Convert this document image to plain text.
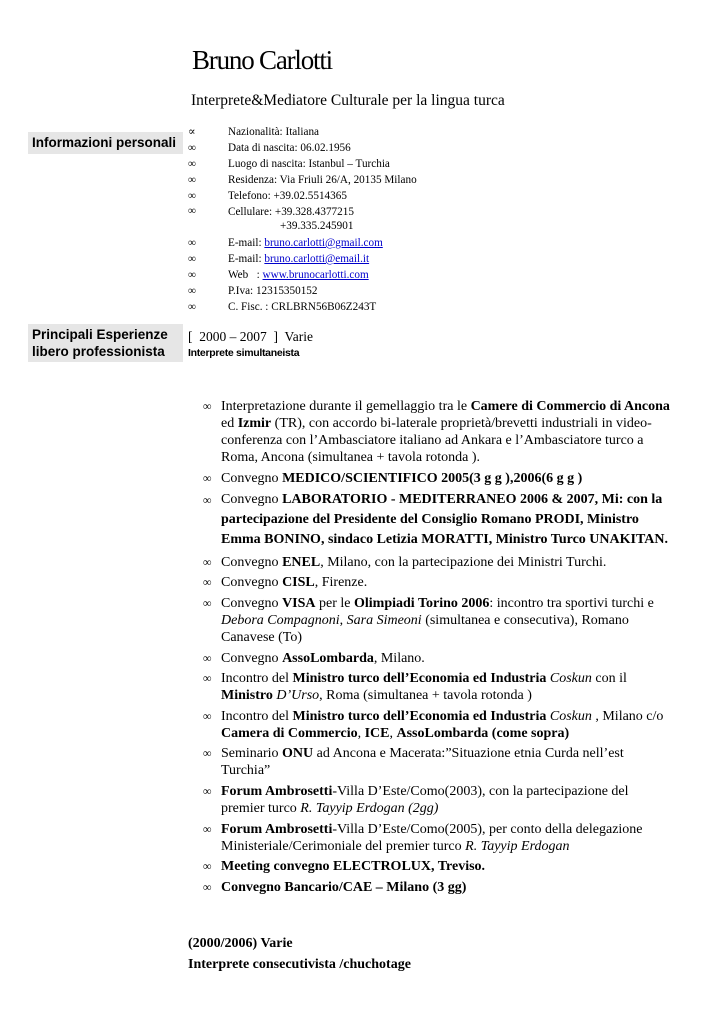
Bruno Carlotti
Interprete&Mediatore Culturale per la lingua turca
Informazioni personali
∝	Nazionalità: Italiana
∞	Data di nascita: 06.02.1956
∞	Luogo di nascita: Istanbul – Turchia
∞	Residenza: Via Friuli 26/A, 20135 Milano
∞	Telefono: +39.02.5514365
∞	Cellulare: +39.328.4377215
+39.335.245901
∞	E-mail: bruno.carlotti@gmail.com
∞	E-mail: bruno.carlotti@email.it
∞	Web   : www.brunocarlotti.com
∞	P.Iva: 12315350152
∞	C. Fisc. : CRLBRN56B06Z243T
Principali Esperienze
libero professionista
[  2000 – 2007  ]  Varie
Interprete simultaneista
∞ Interpretazione durante il gemellaggio tra le Camere di Commercio di Ancona ed Izmir (TR), con accordo bi-laterale proprietà/brevetti industriali in video-conferenza con l’Ambasciatore italiano ad Ankara e l’Ambasciatore turco a Roma, Ancona (simultanea + tavola rotonda ).
∞ Convegno MEDICO/SCIENTIFICO 2005(3 g g ),2006(6 g g )
∞ Convegno LABORATORIO - MEDITERRANEO 2006 & 2007, Mi: con la partecipazione del Presidente del Consiglio Romano PRODI, Ministro Emma BONINO, sindaco Letizia MORATTI, Ministro Turco UNAKITAN.
∞ Convegno ENEL, Milano, con la partecipazione dei Ministri Turchi.
∞ Convegno CISL, Firenze.
∞ Convegno VISA per le Olimpiadi Torino 2006: incontro tra sportivi turchi e Debora Compagnoni, Sara Simeoni (simultanea e consecutiva), Romano Canavese (To)
∞ Convegno AssoLombarda, Milano.
∞ Incontro del Ministro turco dell’Economia ed Industria Coskun con il Ministro D’Urso, Roma (simultanea + tavola rotonda )
∞ Incontro del Ministro turco dell’Economia ed Industria Coskun , Milano c/o Camera di Commercio, ICE, AssoLombarda (come sopra)
∞ Seminario ONU ad Ancona e Macerata:”Situazione etnia Curda nell’est Turchia”
∞ Forum Ambrosetti-Villa D’Este/Como(2003), con la partecipazione del premier turco R. Tayyip Erdogan (2gg)
∞ Forum Ambrosetti-Villa D’Este/Como(2005), per conto della delegazione Ministeriale/Cerimoniale del premier turco R. Tayyip Erdogan
∞ Meeting convegno ELECTROLUX, Treviso.
∞ Convegno Bancario/CAE – Milano (3 gg)
(2000/2006) Varie
Interprete consecutivista /chuchotage
